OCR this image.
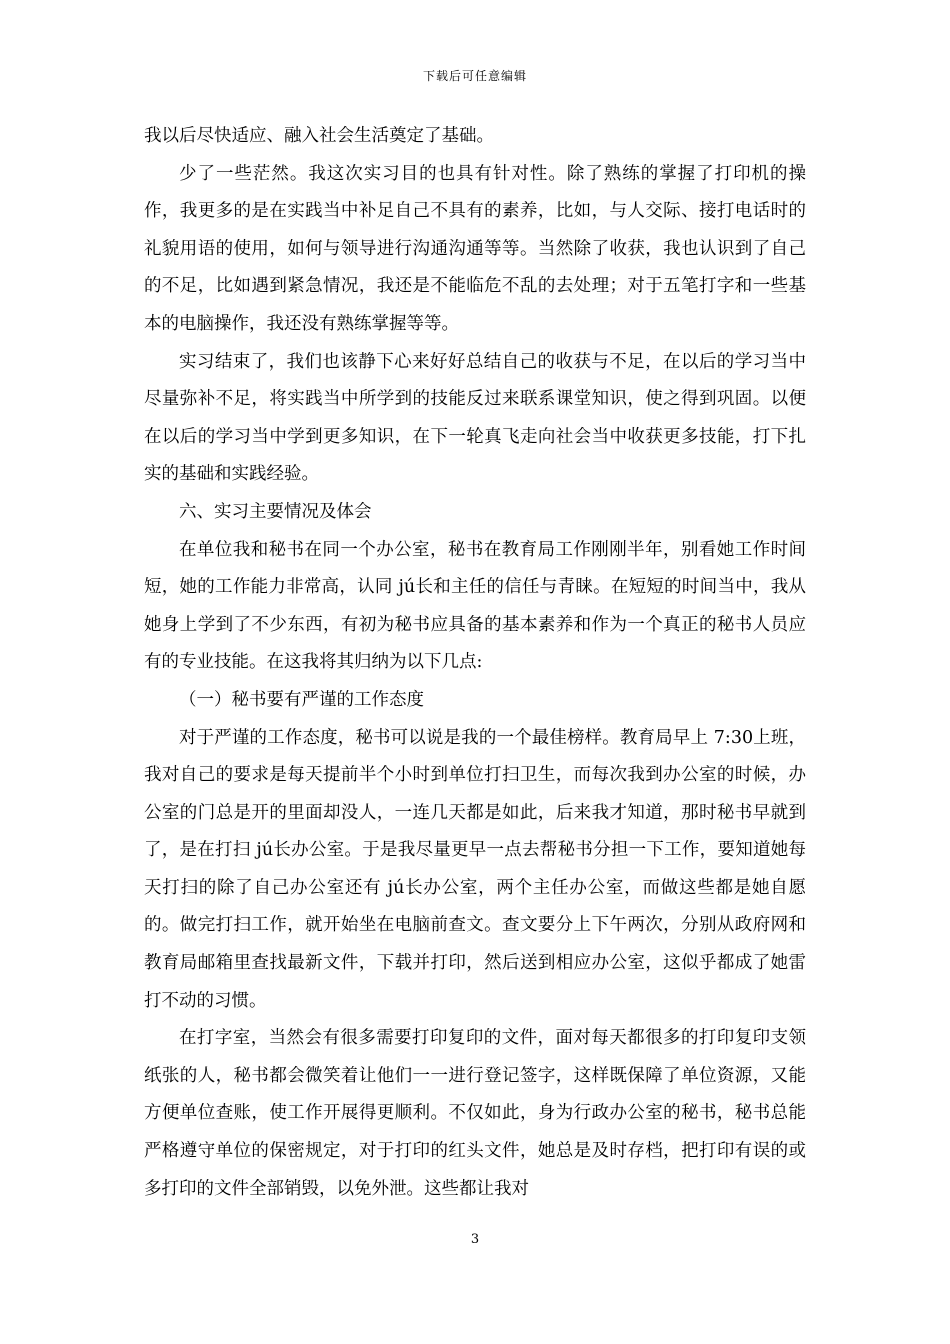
下载后可任意编辑

我以后尽快适应、融入社会生活奠定了基础。

少了一些茫然。我这次实习目的也具有针对性。除了熟练的掌握了打印机的操作，我更多的是在实践当中补足自己不具有的素养，比如，与人交际、接打电话时的礼貌用语的使用，如何与领导进行沟通沟通等等。当然除了收获，我也认识到了自己的不足，比如遇到紧急情况，我还是不能临危不乱的去处理；对于五笔打字和一些基本的电脑操作，我还没有熟练掌握等等。

实习结束了，我们也该静下心来好好总结自己的收获与不足，在以后的学习当中尽量弥补不足，将实践当中所学到的技能反过来联系课堂知识，使之得到巩固。以便在以后的学习当中学到更多知识，在下一轮真飞走向社会当中收获更多技能，打下扎实的基础和实践经验。

六、实习主要情况及体会

在单位我和秘书在同一个办公室，秘书在教育局工作刚刚半年，别看她工作时间短，她的工作能力非常高，认同 jú长和主任的信任与青睐。在短短的时间当中，我从她身上学到了不少东西，有初为秘书应具备的基本素养和作为一个真正的秘书人员应有的专业技能。在这我将其归纳为以下几点:

（一）秘书要有严谨的工作态度

对于严谨的工作态度，秘书可以说是我的一个最佳榜样。教育局早上 7:30上班，我对自己的要求是每天提前半个小时到单位打扫卫生，而每次我到办公室的时候，办公室的门总是开的里面却没人，一连几天都是如此，后来我才知道，那时秘书早就到了，是在打扫 jú长办公室。于是我尽量更早一点去帮秘书分担一下工作，要知道她每天打扫的除了自己办公室还有 jú长办公室，两个主任办公室，而做这些都是她自愿的。做完打扫工作，就开始坐在电脑前查文。查文要分上下午两次，分别从政府网和教育局邮箱里查找最新文件，下载并打印，然后送到相应办公室，这似乎都成了她雷打不动的习惯。

在打字室，当然会有很多需要打印复印的文件，面对每天都很多的打印复印支领纸张的人，秘书都会微笑着让他们一一进行登记签字，这样既保障了单位资源，又能方便单位查账，使工作开展得更顺利。不仅如此，身为行政办公室的秘书，秘书总能严格遵守单位的保密规定，对于打印的红头文件，她总是及时存档，把打印有误的或多打印的文件全部销毁，以免外泄。这些都让我对

3
